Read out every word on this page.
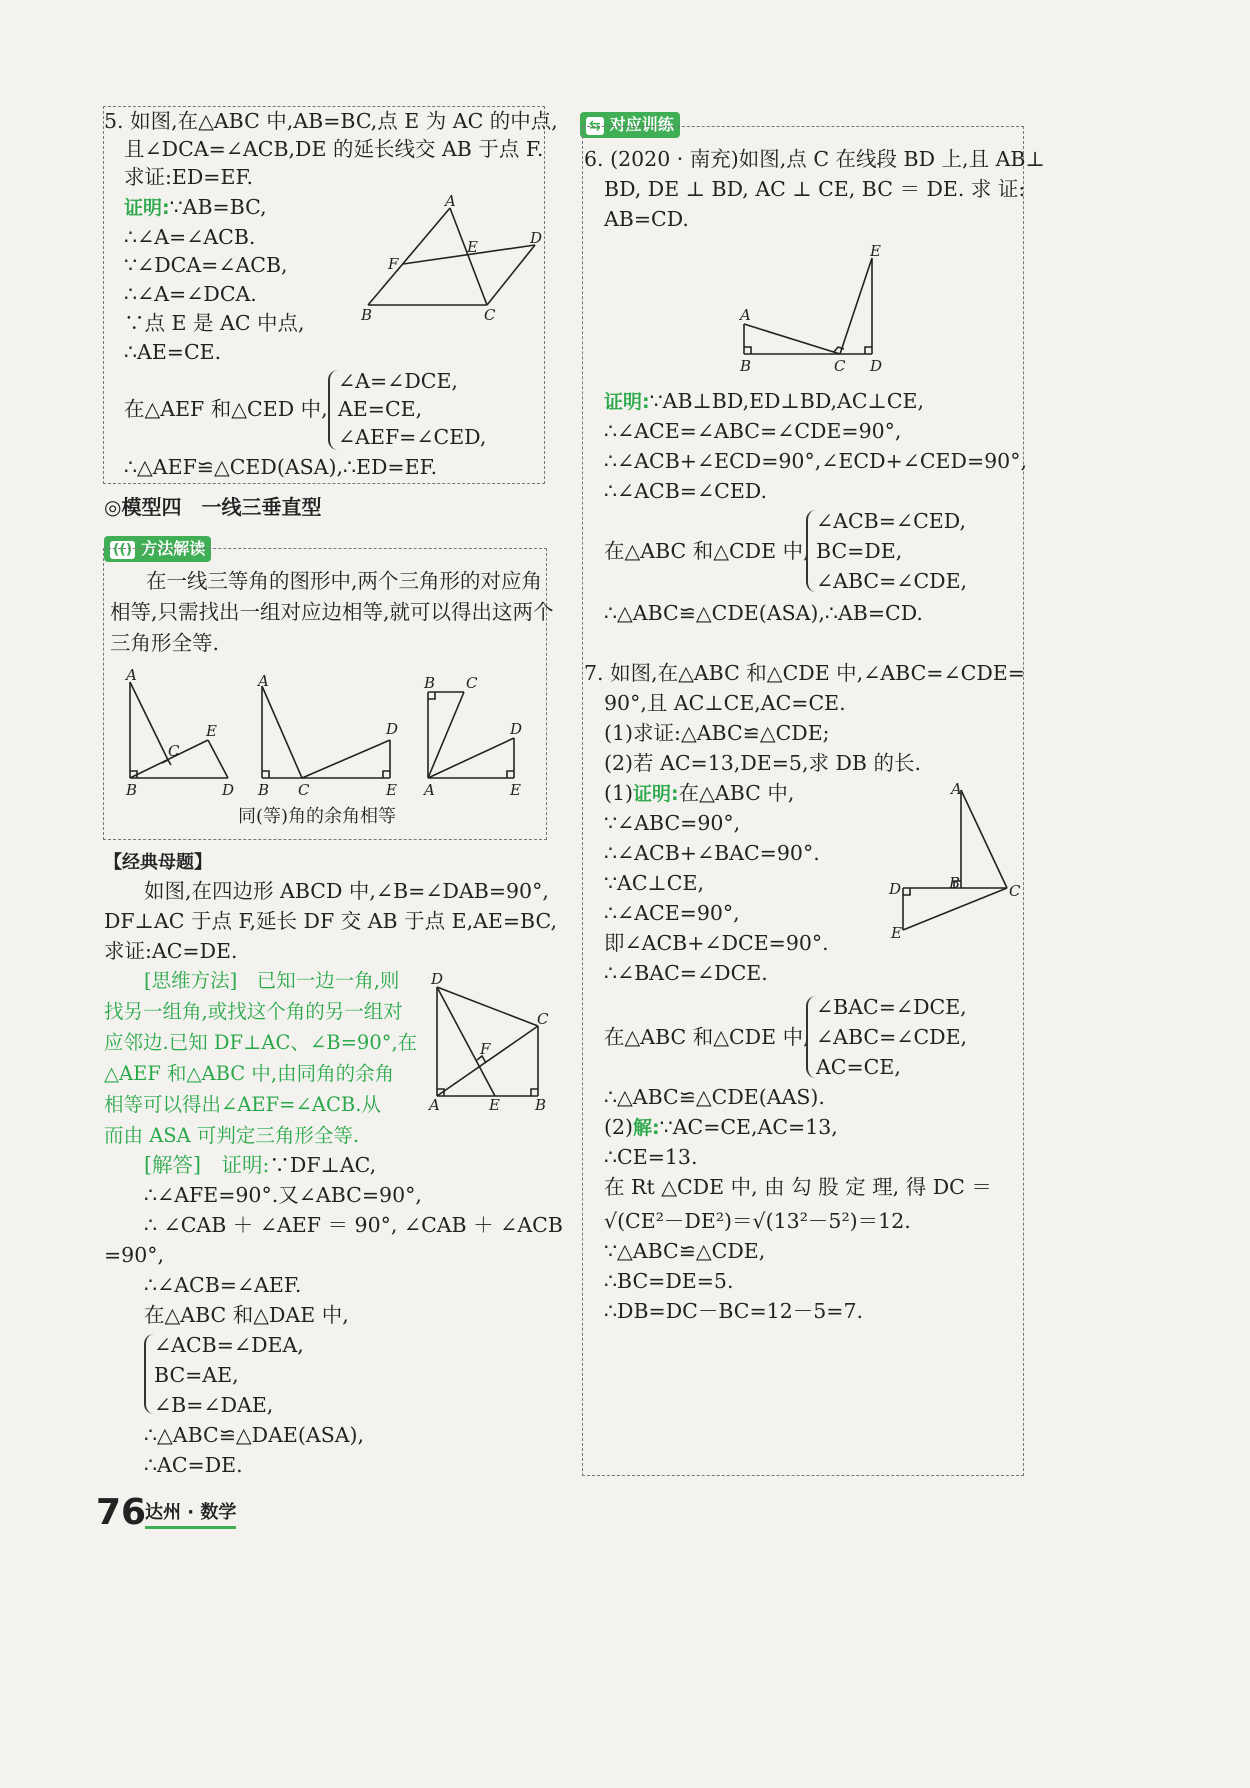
5. 如图,在△ABC 中,AB=BC,点 E 为 AC 的中点,
且∠DCA=∠ACB,DE 的延长线交 AB 于点 F.
求证:ED=EF.
证明:∵AB=BC,
∴∠A=∠ACB.
∵∠DCA=∠ACB,
∴∠A=∠DCA.
∵点 E 是 AC 中点,
∴AE=CE.
在△AEF 和△CED 中,
∠A=∠DCE,
AE=CE,
∠AEF=∠CED,
∴△AEF≌△CED(ASA),∴ED=EF.
A
B	C
D
E
F
◎模型四　一线三垂直型
(() 方法解读
在一线三等角的图形中,两个三角形的对应角
相等,只需找出一组对应边相等,就可以得出这两个
三角形全等.
A
B
C
D
E
A
B C
D
E A
B C
D
E
同(等)角的余角相等
【经典母题】
如图,在四边形 ABCD 中,∠B=∠DAB=90°,
DF⊥AC 于点 F,延长 DF 交 AB 于点 E,AE=BC,
求证:AC=DE.
[思维方法]　已知一边一角,则
找另一组角,或找这个角的另一组对
应邻边.已知 DF⊥AC、∠B=90°,在
△AEF 和△ABC 中,由同角的余角
相等可以得出∠AEF=∠ACB.从
而由 ASA 可判定三角形全等.
D
A	E B
C
F
[解答]　证明:∵DF⊥AC,
∴∠AFE=90°.又∠ABC=90°,
∴ ∠CAB ＋ ∠AEF ＝ 90°, ∠CAB ＋ ∠ACB
=90°,
∴∠ACB=∠AEF.
在△ABC 和△DAE 中,
∠ACB=∠DEA,
BC=AE,
∠B=∠DAE,
∴△ABC≌△DAE(ASA),
∴AC=DE.
76
达州 · 数学
⇆ 对应训练
6. (2020 · 南充)如图,点 C 在线段 BD 上,且 AB⊥
BD, DE ⊥ BD, AC ⊥ CE, BC ＝ DE. 求 证:
AB=CD.
A
B	C D
E
证明:∵AB⊥BD,ED⊥BD,AC⊥CE,
∴∠ACE=∠ABC=∠CDE=90°,
∴∠ACB+∠ECD=90°,∠ECD+∠CED=90°,
∴∠ACB=∠CED.
在△ABC 和△CDE 中,
∠ACB=∠CED,
BC=DE,
∠ABC=∠CDE,
∴△ABC≌△CDE(ASA),∴AB=CD.
7. 如图,在△ABC 和△CDE 中,∠ABC=∠CDE=
90°,且 AC⊥CE,AC=CE.
(1)求证:△ABC≌△CDE;
(2)若 AC=13,DE=5,求 DB 的长.
(1)证明:在△ABC 中,
∵∠ABC=90°,
∴∠ACB+∠BAC=90°.
∵AC⊥CE,
∴∠ACE=90°,
即∠ACB+∠DCE=90°.
∴∠BAC=∠DCE.
A
B	C
D
E
在△ABC 和△CDE 中,
∠BAC=∠DCE,
∠ABC=∠CDE,
AC=CE,
∴△ABC≌△CDE(AAS).
(2)解:∵AC=CE,AC=13,
∴CE=13.
在 Rt △CDE 中, 由 勾 股 定 理, 得 DC ＝
√(CE²－DE²)＝√(13²－5²)＝12.
∵△ABC≌△CDE,
∴BC=DE=5.
∴DB=DC－BC=12－5=7.
